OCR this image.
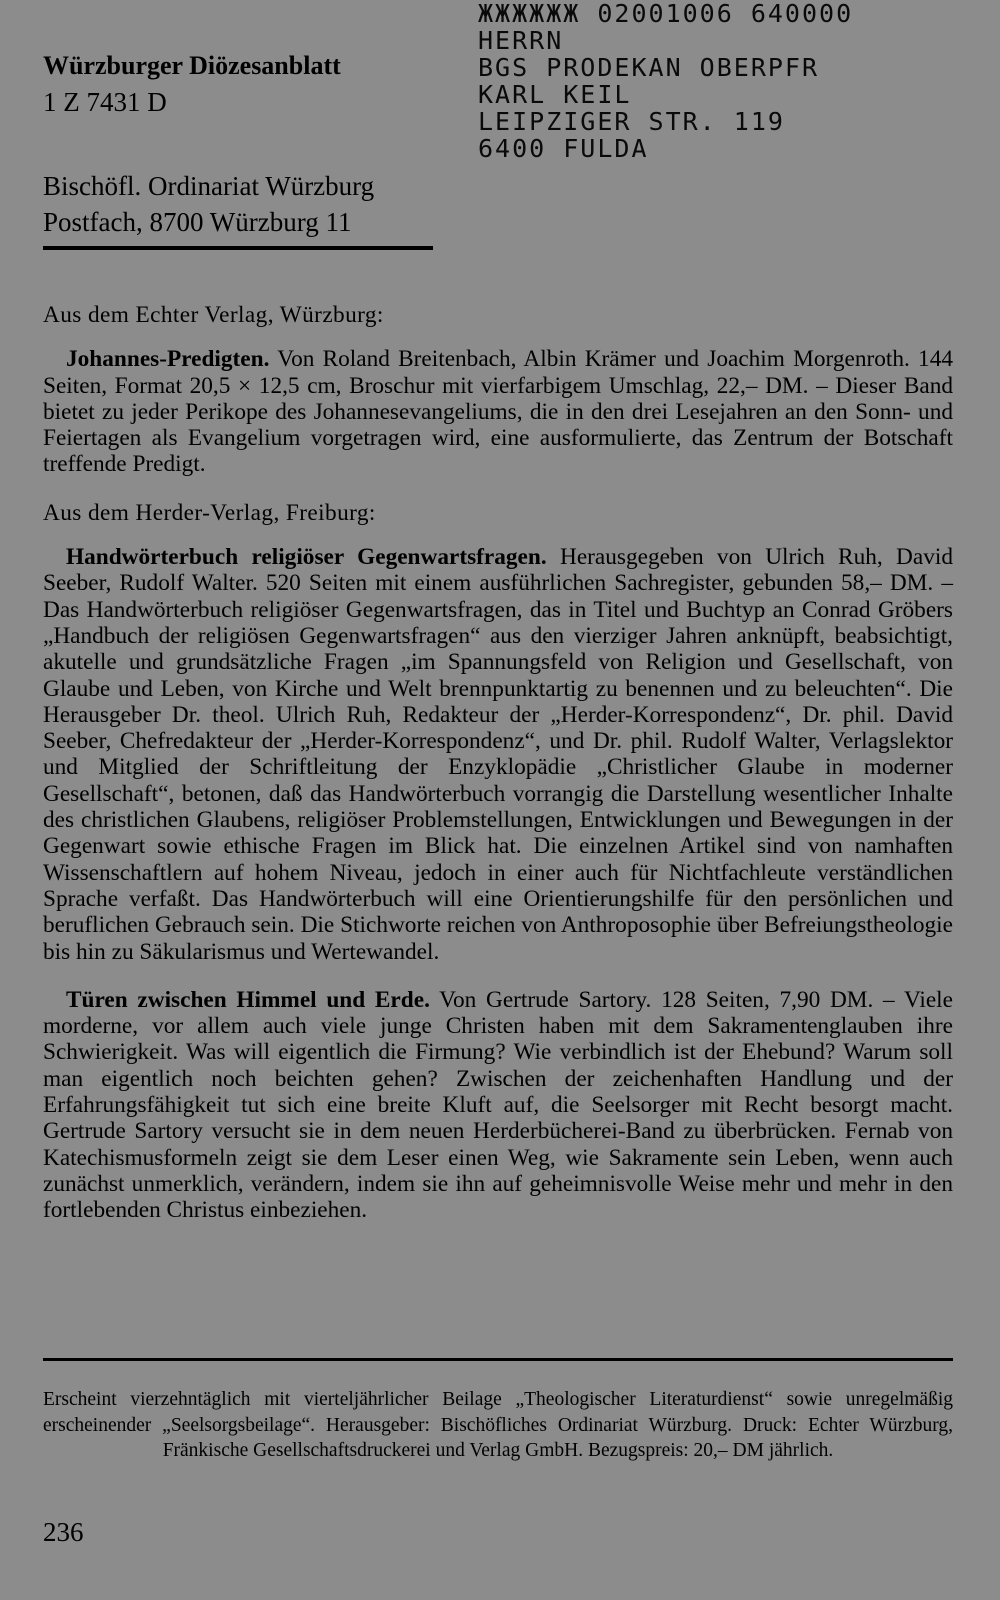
Würzburger Diözesanblatt
1 Z 7431 D
Bischöfl. Ordinariat Würzburg
Postfach, 8700 Würzburg 11
ЖЖЖЖЖЖ 02001006 640000
HERRN
BGS PRODEKAN OBERPFR
KARL KEIL
LEIPZIGER STR. 119
6400 FULDA
Aus dem Echter Verlag, Würzburg:

Johannes-Predigten. Von Roland Breitenbach, Albin Krämer und Joachim Morgenroth. 144 Seiten, Format 20,5 × 12,5 cm, Broschur mit vierfarbigem Umschlag, 22,– DM. – Dieser Band bietet zu jeder Perikope des Johannesevangeliums, die in den drei Lesejahren an den Sonn- und Feiertagen als Evangelium vorgetragen wird, eine ausformulierte, das Zentrum der Botschaft treffende Predigt.

Aus dem Herder-Verlag, Freiburg:

Handwörterbuch religiöser Gegenwartsfragen. Herausgegeben von Ulrich Ruh, David Seeber, Rudolf Walter. 520 Seiten mit einem ausführlichen Sachregister, gebunden 58,– DM. – Das Handwörterbuch religiöser Gegenwartsfragen, das in Titel und Buchtyp an Conrad Gröbers „Handbuch der religiösen Gegenwartsfragen“ aus den vierziger Jahren anknüpft, beabsichtigt, akutelle und grundsätzliche Fragen „im Spannungsfeld von Religion und Gesellschaft, von Glaube und Leben, von Kirche und Welt brennpunktartig zu benennen und zu beleuchten“. Die Herausgeber Dr. theol. Ulrich Ruh, Redakteur der „Herder-Korrespondenz“, Dr. phil. David Seeber, Chefredakteur der „Herder-Korrespondenz“, und Dr. phil. Rudolf Walter, Verlagslektor und Mitglied der Schriftleitung der Enzyklopädie „Christlicher Glaube in moderner Gesellschaft“, betonen, daß das Handwörterbuch vorrangig die Darstellung wesentlicher Inhalte des christlichen Glaubens, religiöser Problemstellungen, Entwicklungen und Bewegungen in der Gegenwart sowie ethische Fragen im Blick hat. Die einzelnen Artikel sind von namhaften Wissenschaftlern auf hohem Niveau, jedoch in einer auch für Nichtfachleute verständlichen Sprache verfaßt. Das Handwörterbuch will eine Orientierungshilfe für den persönlichen und beruflichen Gebrauch sein. Die Stichworte reichen von Anthroposophie über Befreiungstheologie bis hin zu Säkularismus und Wertewandel.

Türen zwischen Himmel und Erde. Von Gertrude Sartory. 128 Seiten, 7,90 DM. – Viele morderne, vor allem auch viele junge Christen haben mit dem Sakramentenglauben ihre Schwierigkeit. Was will eigentlich die Firmung? Wie verbindlich ist der Ehebund? Warum soll man eigentlich noch beichten gehen? Zwischen der zeichenhaften Handlung und der Erfahrungsfähigkeit tut sich eine breite Kluft auf, die Seelsorger mit Recht besorgt macht. Gertrude Sartory versucht sie in dem neuen Herderbücherei-Band zu überbrücken. Fernab von Katechismusformeln zeigt sie dem Leser einen Weg, wie Sakramente sein Leben, wenn auch zunächst unmerklich, verändern, indem sie ihn auf geheimnisvolle Weise mehr und mehr in den fortlebenden Christus einbeziehen.

Erscheint vierzehntäglich mit vierteljährlicher Beilage „Theologischer Literaturdienst“ sowie unregelmäßig erscheinender „Seelsorgsbeilage“. Herausgeber: Bischöfliches Ordinariat Würzburg. Druck: Echter Würzburg, Fränkische Gesellschaftsdruckerei und Verlag GmbH. Bezugspreis: 20,– DM jährlich.
236
